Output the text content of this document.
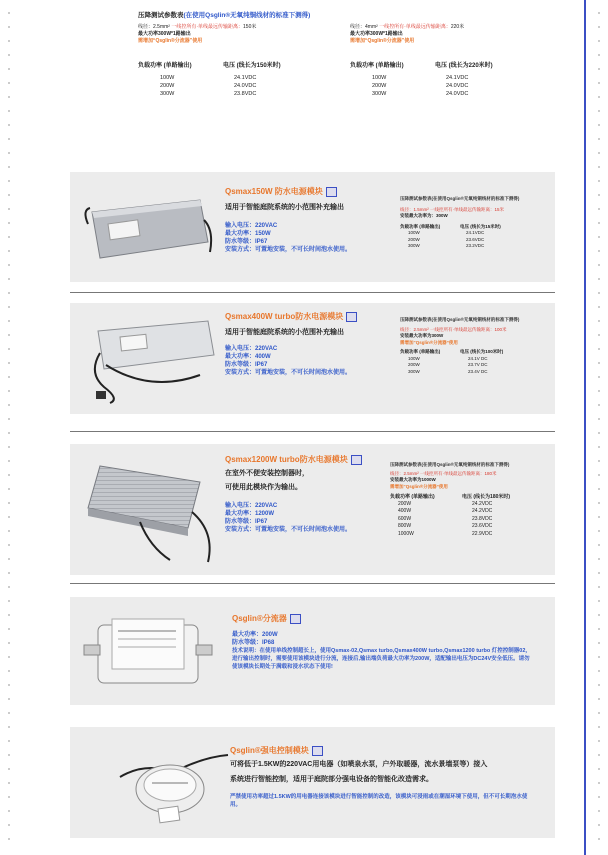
压降测试参数表(在使用Qsglin®无氧纯铜线材的标准下测得)
线径：2.5mm² 一线控所有·单线最远传输距离：150米
最大功率300W*1路输出
需增加“Qsglin®分流器”使用
负载功率 (单路输出)	电压 (线长为150米时)
100W	24.1VDC
200W	24.0VDC
300W	23.8VDC
线径：4mm² 一线控所有·单线最远传输距离：220米
最大功率300W*1路输出
需增加“Qsglin®分流器”使用
负载功率 (单路输出)	电压 (线长为220米时)
100W	24.1VDC
200W	24.0VDC
300W	24.0VDC
Qsmax150W 防水电源模块
适用于智能庭院系统的小范围补充输出
输入电压：220VAC
最大功率：150W
防水等级：IP67
安装方式：可置地安装，不可长时间泡水使用。
压降测试参数表(在使用Qsglin®无氧纯铜线材的标准下测得)
线径：1.5mm² 一线控所有·单线最远传输距离：15米
安装最大功率为：300W
负载功率 (单路输出)	电压 (线长为15米时)
100W	24.1VDC
200W	23.6VDC
300W	23.2VDC
Qsmax400W turbo防水电源模块
适用于智能庭院系统的小范围补充输出
输入电压：220VAC
最大功率：400W
防水等级：IP67
安装方式：可置地安装，不可长时间泡水使用。
压降测试参数表(在使用Qsglin®无氧纯铜线材的标准下测得)
线径：2.5mm² 一线控所有·单线最远传输距离：100米
安装最大功率为300W
需增加“Qsglin®分流器”使用
负载功率 (单路输出)	电压 (线长为100米时)
100W	24.1V DC
200W	23.7V DC
300W	23.4V DC
Qsmax1200W turbo防水电源模块
在室外不便安装控制器时，
可使用此模块作为输出。
输入电压：220VAC
最大功率：1200W
防水等级：IP67
安装方式：可置地安装，不可长时间泡水使用。
压降测试参数表(在使用Qsglin®无氧纯铜线材的标准下测得)
线径：2.5mm² 一线控所有·单线最远传输距离：180米
安装最大功率为1000W
需增加“Qsglin®分流器”使用
负载功率 (单路输出)	电压 (线长为180米时)
200W	24.2VDC
400W	24.2VDC
600W	23.8VDC
800W	23.6VDC
1000W	22.9VDC
Qsglin®分流器
最大功率：200W
防水等级：IP68
技术说明：在使用单线控制超长上，使用Qsmax-02,Qsmax turbo,Qsmax400W turbo,Qsmax1200 turbo 灯控控制器02，进行输出控制时，需要使用该模块进行分流，连接后,输出端负荷最大功率为200W，适配输出电压为DC24V安全低压。请勿使该模块长期处于满载和浸水状态下使用!
Qsglin®强电控制模块
可将低于1.5KW的220VAC用电器（如喷泉水泵，户外取暖器，流水景墙泵等）接入
系统进行智能控制，适用于庭院部分强电设备的智能化改造需求。
严禁使用功率超过1.5KW的用电器连接该模块进行智能控制的改造，该模块可浸雨或在潮湿环境下使用，但不可长期泡水使用。
